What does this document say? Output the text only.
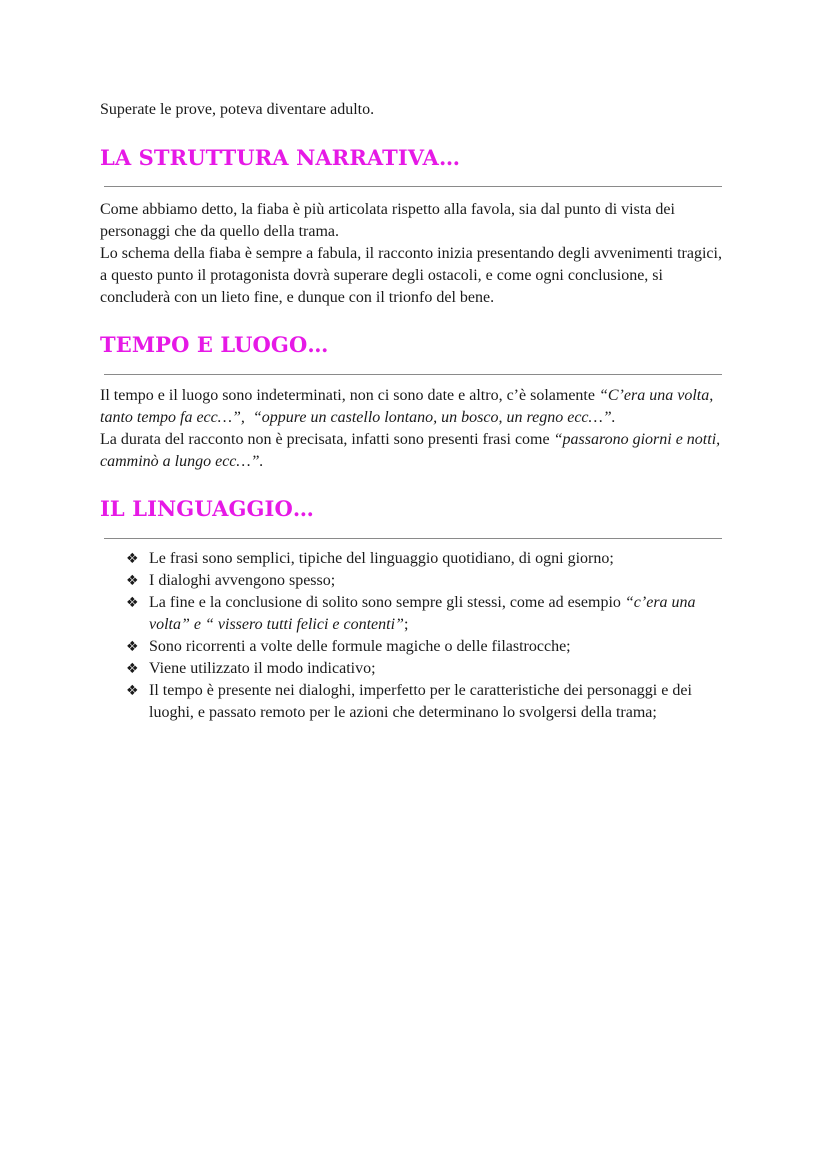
Superate le prove, poteva diventare adulto.

LA STRUTTURA NARRATIVA…

Come abbiamo detto, la fiaba è più articolata rispetto alla favola, sia dal punto di vista dei personaggi che da quello della trama.

Lo schema della fiaba è sempre a fabula, il racconto inizia presentando degli avvenimenti tragici, a questo punto il protagonista dovrà superare degli ostacoli, e come ogni conclusione, si concluderà con un lieto fine, e dunque con il trionfo del bene.

TEMPO E LUOGO…

Il tempo e il luogo sono indeterminati, non ci sono date e altro, c’è solamente “C’era una volta, tanto tempo fa ecc…”, “oppure un castello lontano, un bosco, un regno ecc…”.

La durata del racconto non è precisata, infatti sono presenti frasi come “passarono giorni e notti, camminò a lungo ecc…”.

IL LINGUAGGIO…
❖ Le frasi sono semplici, tipiche del linguaggio quotidiano, di ogni giorno;
❖ I dialoghi avvengono spesso;
❖ La fine e la conclusione di solito sono sempre gli stessi, come ad esempio “c’era una volta” e “ vissero tutti felici e contenti”;
❖ Sono ricorrenti a volte delle formule magiche o delle filastrocche;
❖ Viene utilizzato il modo indicativo;
❖ Il tempo è presente nei dialoghi, imperfetto per le caratteristiche dei personaggi e dei luoghi, e passato remoto per le azioni che determinano lo svolgersi della trama;
